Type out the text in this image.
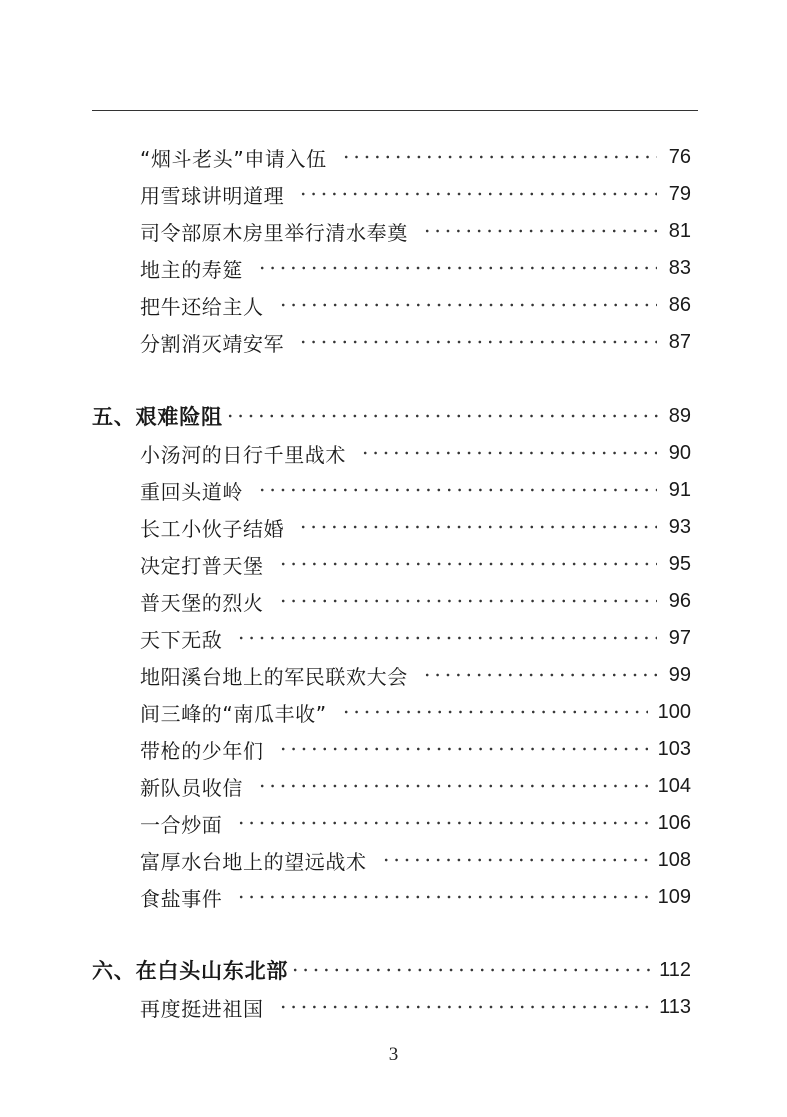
“烟斗老头”申请入伍	76
用雪球讲明道理	79
司令部原木房里举行清水奉奠	81
地主的寿筵	83
把牛还给主人	86
分割消灭靖安军	87
五、艰难险阻	89
小汤河的日行千里战术	90
重回头道岭	91
长工小伙子结婚	93
决定打普天堡	95
普天堡的烈火	96
天下无敌	97
地阳溪台地上的军民联欢大会	99
间三峰的“南瓜丰收”	100
带枪的少年们	103
新队员收信	104
一合炒面	106
富厚水台地上的望远战术	108
食盐事件	109
六、在白头山东北部	112
再度挺进祖国	113
3
